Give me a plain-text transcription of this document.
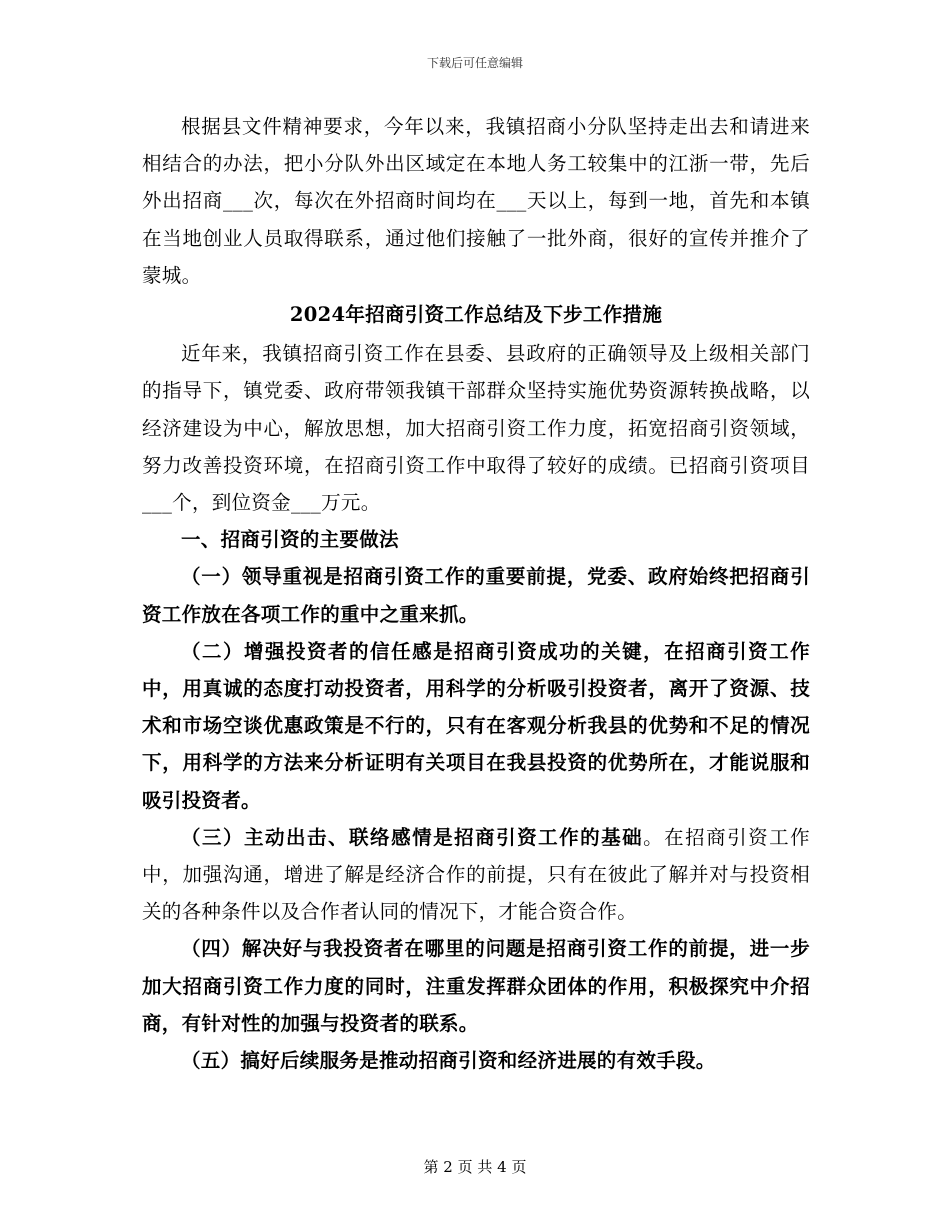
下载后可任意编辑

根据县文件精神要求，今年以来，我镇招商小分队坚持走出去和请进来相结合的办法，把小分队外出区域定在本地人务工较集中的江浙一带，先后外出招商___次，每次在外招商时间均在___天以上，每到一地，首先和本镇在当地创业人员取得联系，通过他们接触了一批外商，很好的宣传并推介了蒙城。

2024年招商引资工作总结及下步工作措施

近年来，我镇招商引资工作在县委、县政府的正确领导及上级相关部门的指导下，镇党委、政府带领我镇干部群众坚持实施优势资源转换战略，以经济建设为中心，解放思想，加大招商引资工作力度，拓宽招商引资领域，努力改善投资环境，在招商引资工作中取得了较好的成绩。已招商引资项目___个，到位资金___万元。

一、招商引资的主要做法

（一）领导重视是招商引资工作的重要前提，党委、政府始终把招商引资工作放在各项工作的重中之重来抓。

（二）增强投资者的信任感是招商引资成功的关键，在招商引资工作中，用真诚的态度打动投资者，用科学的分析吸引投资者，离开了资源、技术和市场空谈优惠政策是不行的，只有在客观分析我县的优势和不足的情况下，用科学的方法来分析证明有关项目在我县投资的优势所在，才能说服和吸引投资者。

（三）主动出击、联络感情是招商引资工作的基础。在招商引资工作中，加强沟通，增进了解是经济合作的前提，只有在彼此了解并对与投资相关的各种条件以及合作者认同的情况下，才能合资合作。

（四）解决好与我投资者在哪里的问题是招商引资工作的前提，进一步加大招商引资工作力度的同时，注重发挥群众团体的作用，积极探究中介招商，有针对性的加强与投资者的联系。

（五）搞好后续服务是推动招商引资和经济进展的有效手段。

第 2 页 共 4 页
